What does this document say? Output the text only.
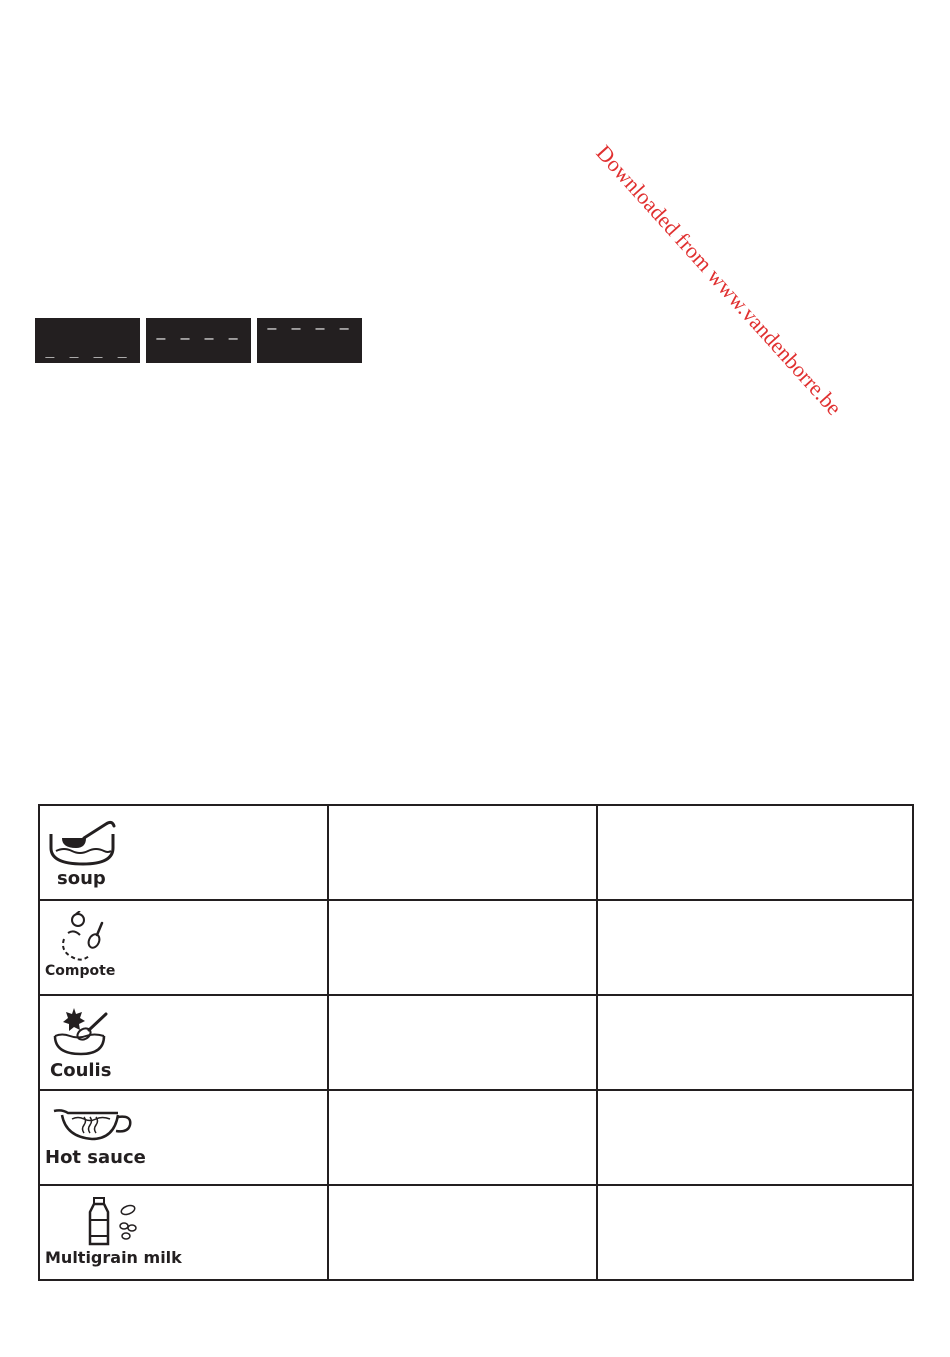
Downloaded from www.vandenborre.be
_ _ _ _
– – – –
– – – –
soup		

Compote		

Coulis		

Hot sauce		

Multigrain milk		
